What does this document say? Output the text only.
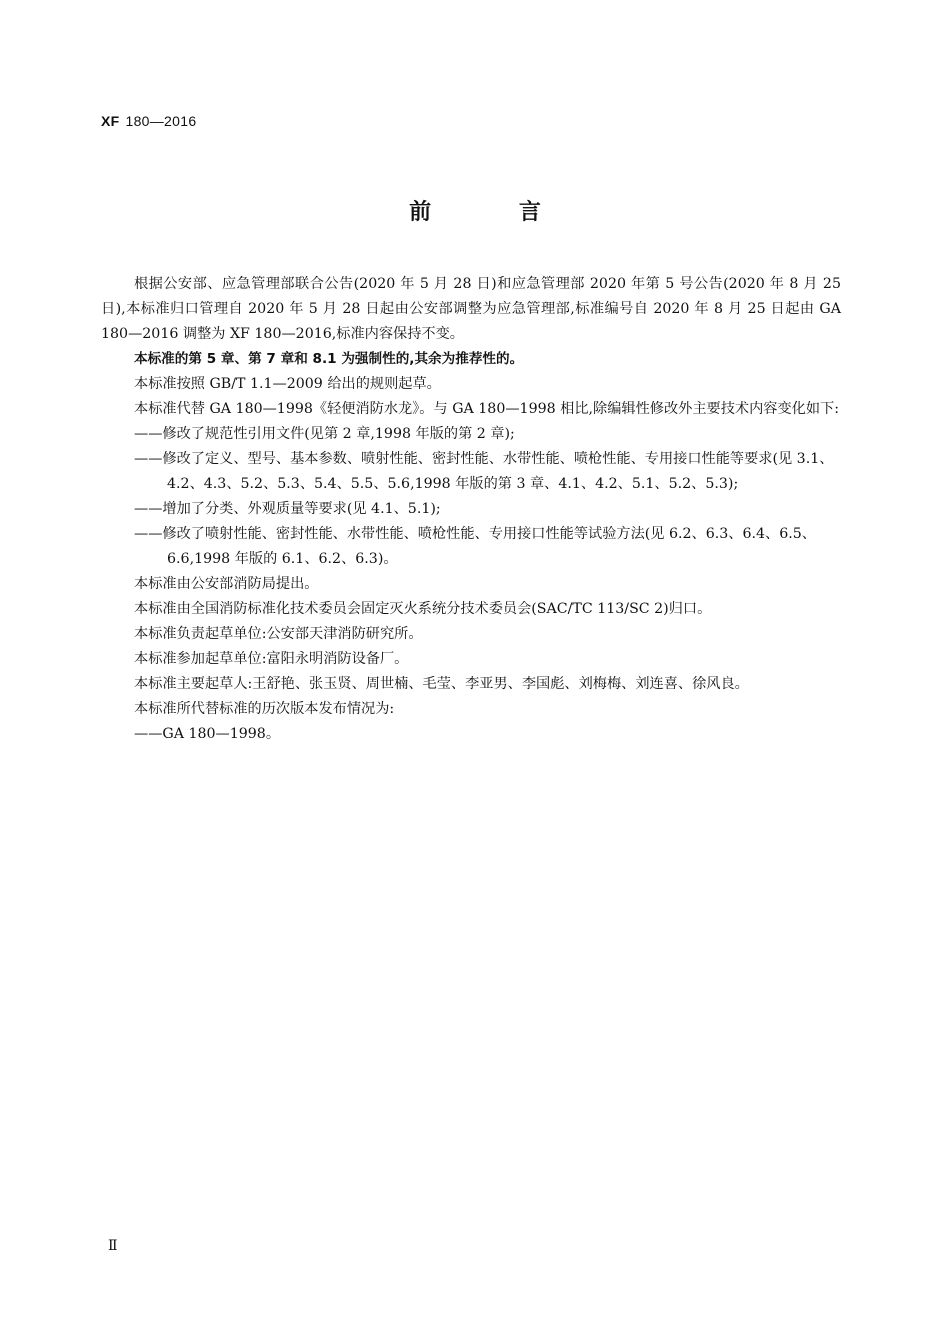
XF 180—2016
前 言

根据公安部、应急管理部联合公告(2020 年 5 月 28 日)和应急管理部 2020 年第 5 号公告(2020 年 8 月 25 日),本标准归口管理自 2020 年 5 月 28 日起由公安部调整为应急管理部,标准编号自 2020 年 8 月 25 日起由 GA 180—2016 调整为 XF 180—2016,标准内容保持不变。

本标准的第 5 章、第 7 章和 8.1 为强制性的,其余为推荐性的。

本标准按照 GB/T 1.1—2009 给出的规则起草。

本标准代替 GA 180—1998《轻便消防水龙》。与 GA 180—1998 相比,除编辑性修改外主要技术内容变化如下:

—— 修改了规范性引用文件(见第 2 章,1998 年版的第 2 章);

—— 修改了定义、型号、基本参数、喷射性能、密封性能、水带性能、喷枪性能、专用接口性能等要求(见 3.1、4.2、4.3、5.2、5.3、5.4、5.5、5.6,1998 年版的第 3 章、4.1、4.2、5.1、5.2、5.3);

—— 增加了分类、外观质量等要求(见 4.1、5.1);

—— 修改了喷射性能、密封性能、水带性能、喷枪性能、专用接口性能等试验方法(见 6.2、6.3、6.4、6.5、6.6,1998 年版的 6.1、6.2、6.3)。

本标准由公安部消防局提出。

本标准由全国消防标准化技术委员会固定灭火系统分技术委员会(SAC/TC 113/SC 2)归口。

本标准负责起草单位:公安部天津消防研究所。

本标准参加起草单位:富阳永明消防设备厂。

本标准主要起草人:王舒艳、张玉贤、周世楠、毛莹、李亚男、李国彪、刘梅梅、刘连喜、徐风良。

本标准所代替标准的历次版本发布情况为:

—— GA 180—1998。

Ⅱ
